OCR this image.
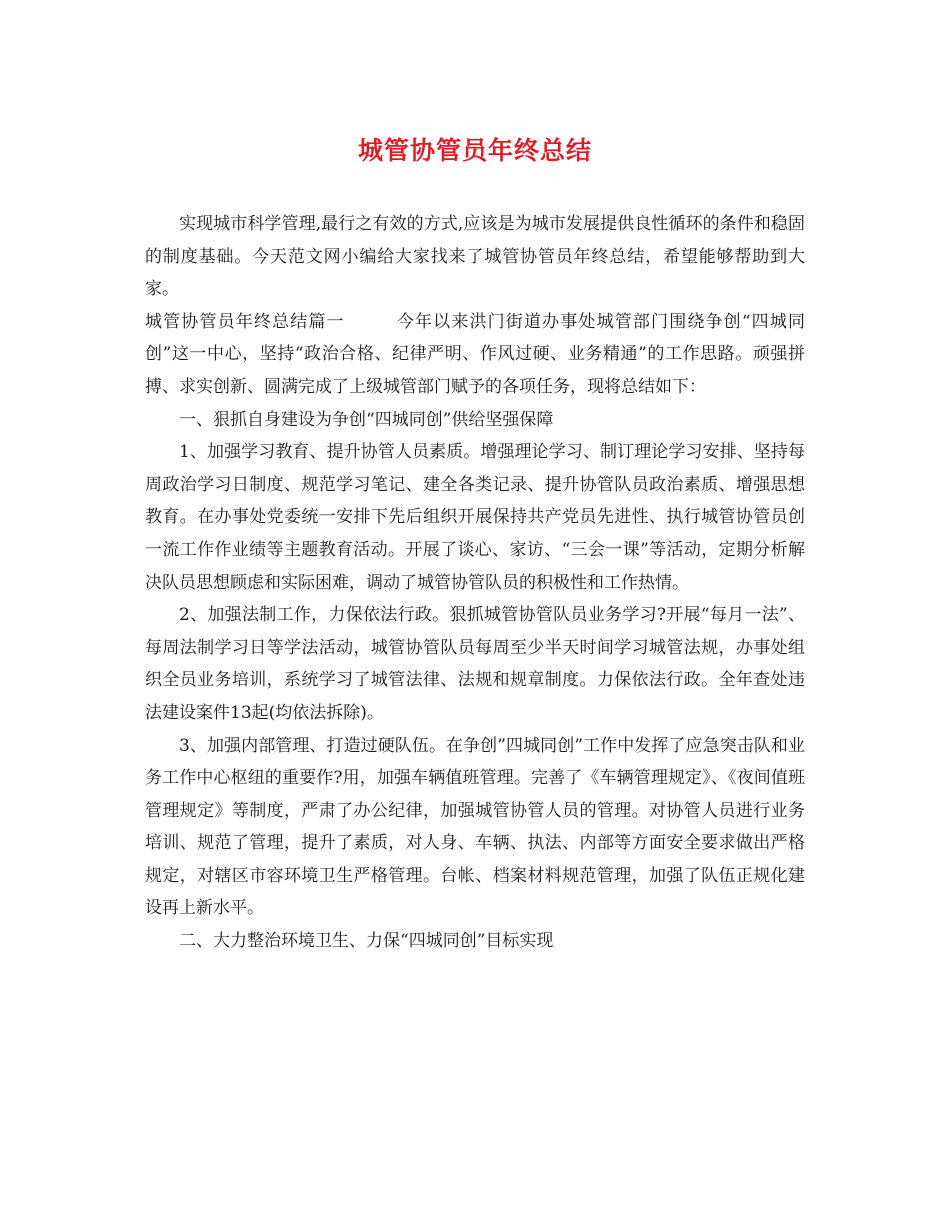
城管协管员年终总结

实现城市科学管理,最行之有效的方式,应该是为城市发展提供良性循环的条件和稳固的制度基础。今天范文网小编给大家找来了城管协管员年终总结，希望能够帮助到大家。

城管协管员年终总结篇一	今年以来洪门街道办事处城管部门围绕争创“四城同创”这一中心，坚持“政治合格、纪律严明、作风过硬、业务精通”的工作思路。顽强拼搏、求实创新、圆满完成了上级城管部门赋予的各项任务，现将总结如下：

一、狠抓自身建设为争创“四城同创”供给坚强保障

1、加强学习教育、提升协管人员素质。增强理论学习、制订理论学习安排、坚持每周政治学习日制度、规范学习笔记、建全各类记录、提升协管队员政治素质、增强思想教育。在办事处党委统一安排下先后组织开展保持共产党员先进性、执行城管协管员创一流工作作业绩等主题教育活动。开展了谈心、家访、“三会一课”等活动，定期分析解决队员思想顾虑和实际困难，调动了城管协管队员的积极性和工作热情。

2、加强法制工作，力保依法行政。狠抓城管协管队员业务学习?开展“每月一法”、每周法制学习日等学法活动，城管协管队员每周至少半天时间学习城管法规，办事处组织全员业务培训，系统学习了城管法律、法规和规章制度。力保依法行政。全年查处违法建设案件13起(均依法拆除)。

3、加强内部管理、打造过硬队伍。在争创”四城同创”工作中发挥了应急突击队和业务工作中心枢纽的重要作?用，加强车辆值班管理。完善了《车辆管理规定》、《夜间值班管理规定》等制度，严肃了办公纪律，加强城管协管人员的管理。对协管人员进行业务培训、规范了管理，提升了素质，对人身、车辆、执法、内部等方面安全要求做出严格规定，对辖区市容环境卫生严格管理。台帐、档案材料规范管理，加强了队伍正规化建设再上新水平。

二、大力整治环境卫生、力保“四城同创”目标实现
